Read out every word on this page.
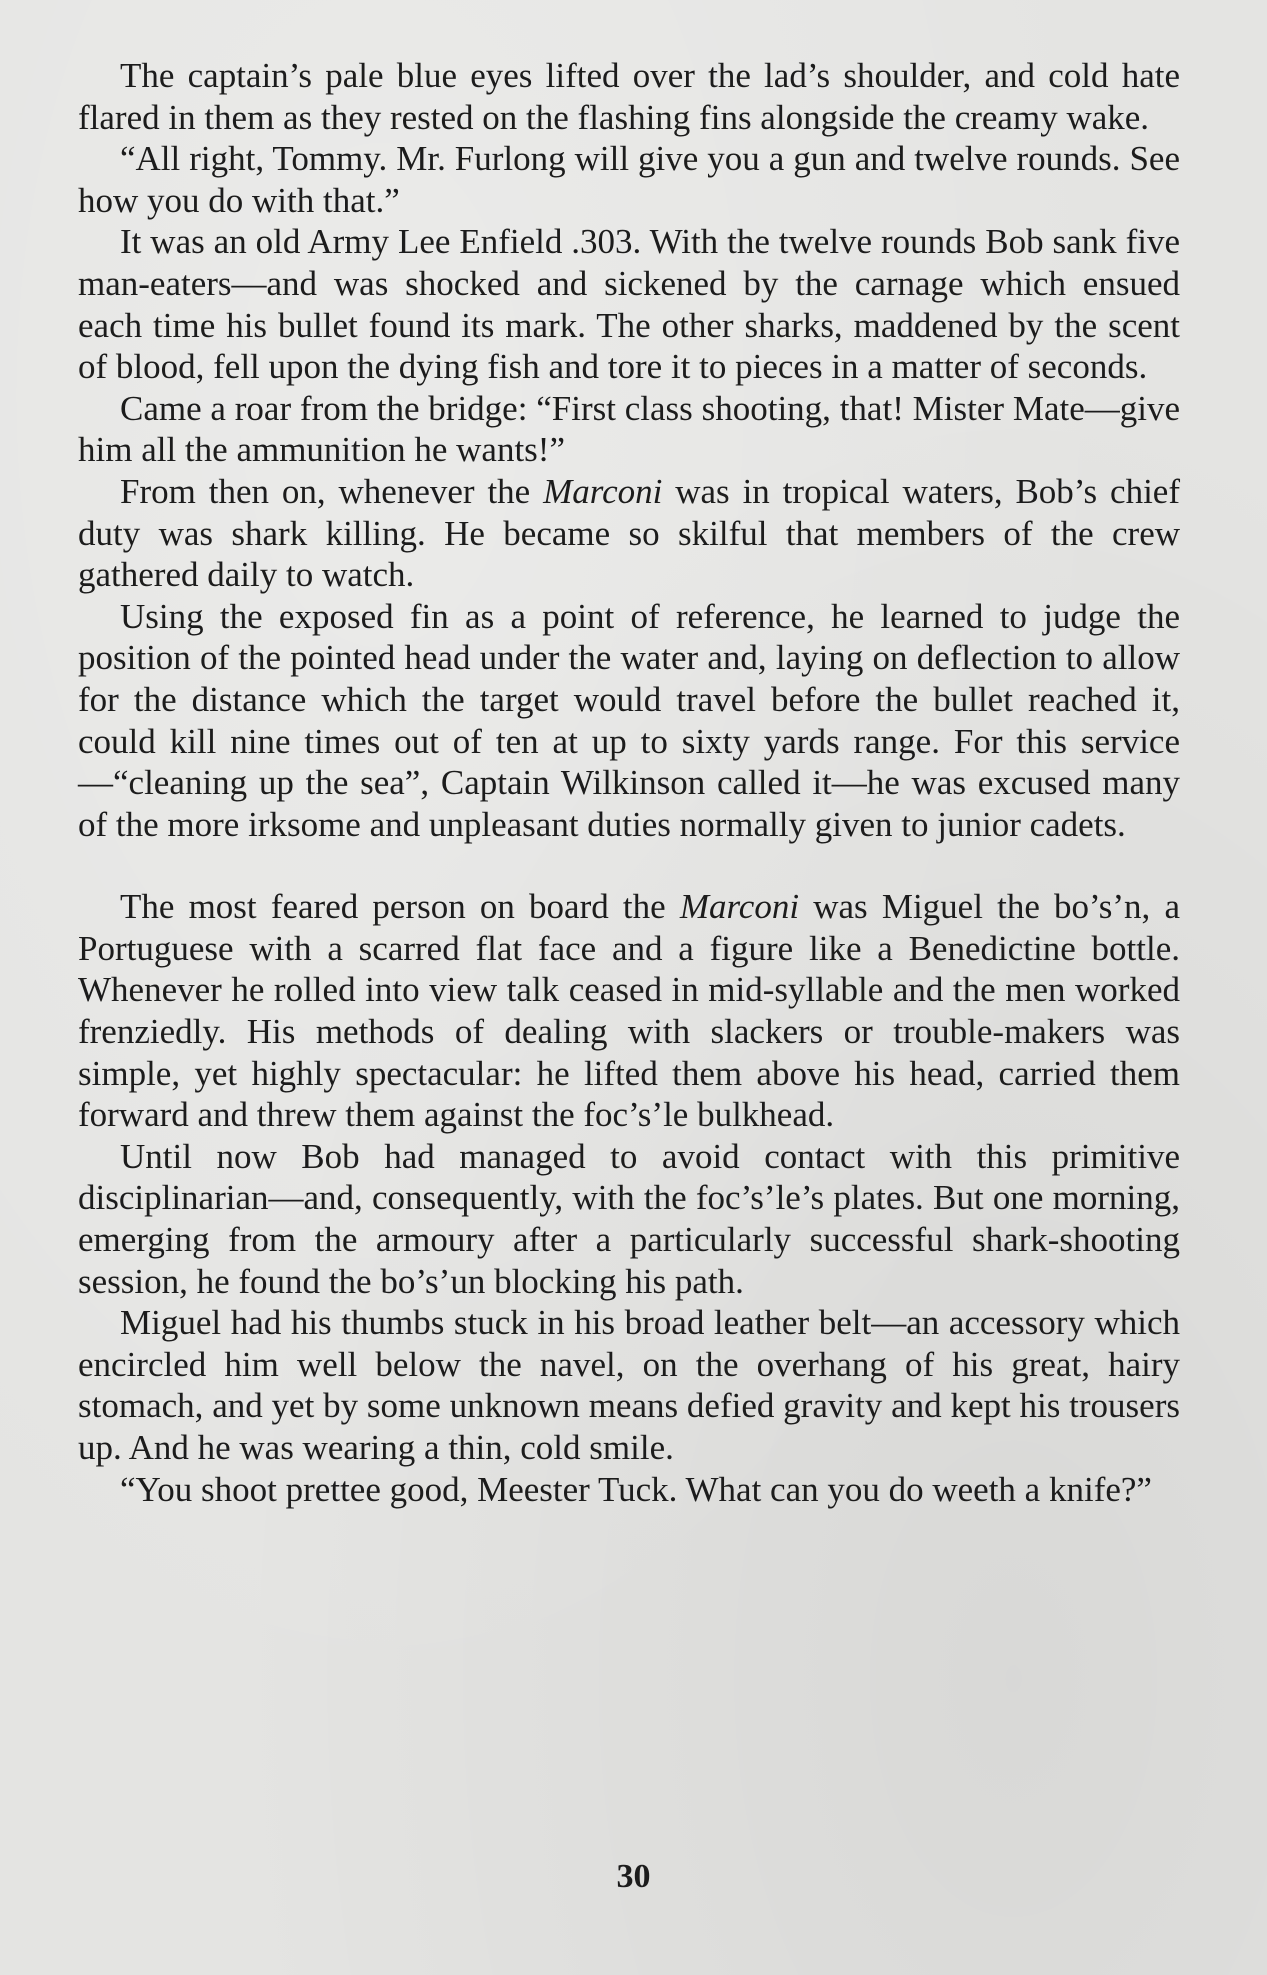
The captain’s pale blue eyes lifted over the lad’s shoulder, and cold hate flared in them as they rested on the flashing fins alongside the creamy wake.

“All right, Tommy. Mr. Furlong will give you a gun and twelve rounds. See how you do with that.”

It was an old Army Lee Enfield .303. With the twelve rounds Bob sank five man-eaters—and was shocked and sickened by the carnage which ensued each time his bullet found its mark. The other sharks, maddened by the scent of blood, fell upon the dying fish and tore it to pieces in a matter of seconds.

Came a roar from the bridge: “First class shooting, that! Mister Mate—give him all the ammunition he wants!”

From then on, whenever the Marconi was in tropical waters, Bob’s chief duty was shark killing. He became so skilful that members of the crew gathered daily to watch.

Using the exposed fin as a point of reference, he learned to judge the position of the pointed head under the water and, laying on deflection to allow for the distance which the target would travel before the bullet reached it, could kill nine times out of ten at up to sixty yards range. For this service—“cleaning up the sea”, Captain Wilkinson called it—he was excused many of the more irksome and unpleasant duties normally given to junior cadets.

The most feared person on board the Marconi was Miguel the bo’s’n, a Portuguese with a scarred flat face and a figure like a Benedictine bottle. Whenever he rolled into view talk ceased in mid-syllable and the men worked frenziedly. His methods of dealing with slackers or trouble-makers was simple, yet highly spectacular: he lifted them above his head, carried them forward and threw them against the foc’s’le bulkhead.

Until now Bob had managed to avoid contact with this primitive disciplinarian—and, consequently, with the foc’s’le’s plates. But one morning, emerging from the armoury after a particularly successful shark-shooting session, he found the bo’s’un blocking his path.

Miguel had his thumbs stuck in his broad leather belt—an accessory which encircled him well below the navel, on the overhang of his great, hairy stomach, and yet by some unknown means defied gravity and kept his trousers up. And he was wearing a thin, cold smile.

“You shoot prettee good, Meester Tuck. What can you do weeth a knife?”

30
